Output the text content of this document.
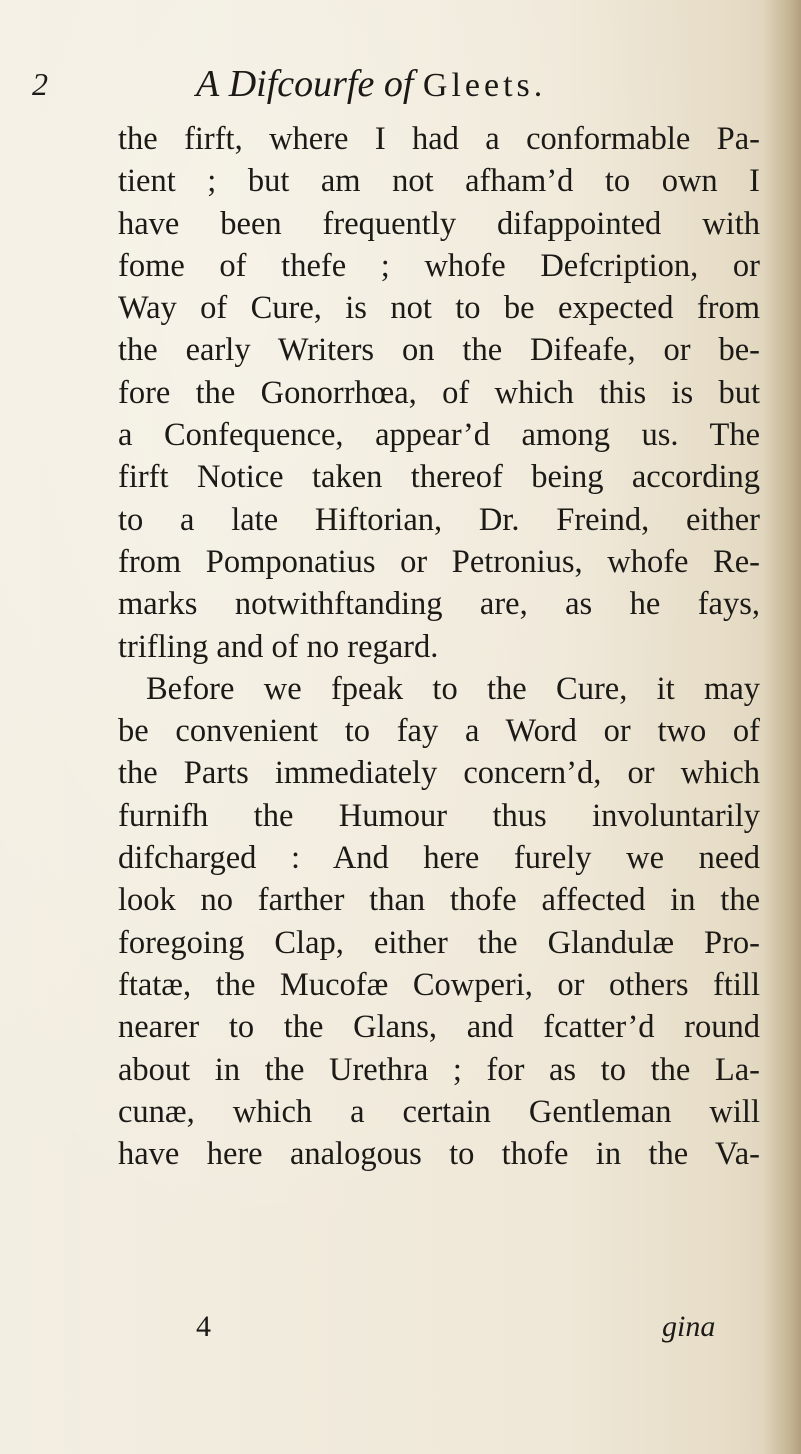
2	A Difcourfe of Gleets.
the firft, where I had a conformable Pa-
tient ; but am not afham’d to own I
have been frequently difappointed with
fome of thefe ; whofe Defcription, or
Way of Cure, is not to be expected from
the early Writers on the Difeafe, or be-
fore the Gonorrhœa, of which this is but
a Confequence, appear’d among us. The
firft Notice taken thereof being according
to a late Hiftorian, Dr. Freind, either
from Pomponatius or Petronius, whofe Re-
marks notwithftanding are, as he fays,
trifling and of no regard.
Before we fpeak to the Cure, it may
be convenient to fay a Word or two of
the Parts immediately concern’d, or which
furnifh the Humour thus involuntarily
difcharged : And here furely we need
look no farther than thofe affected in the
foregoing Clap, either the Glandulæ Pro-
ftatæ, the Mucofæ Cowperi, or others ftill
nearer to the Glans, and fcatter’d round
about in the Urethra ; for as to the La-
cunæ, which a certain Gentleman will
have here analogous to thofe in the Va-
4	gina
